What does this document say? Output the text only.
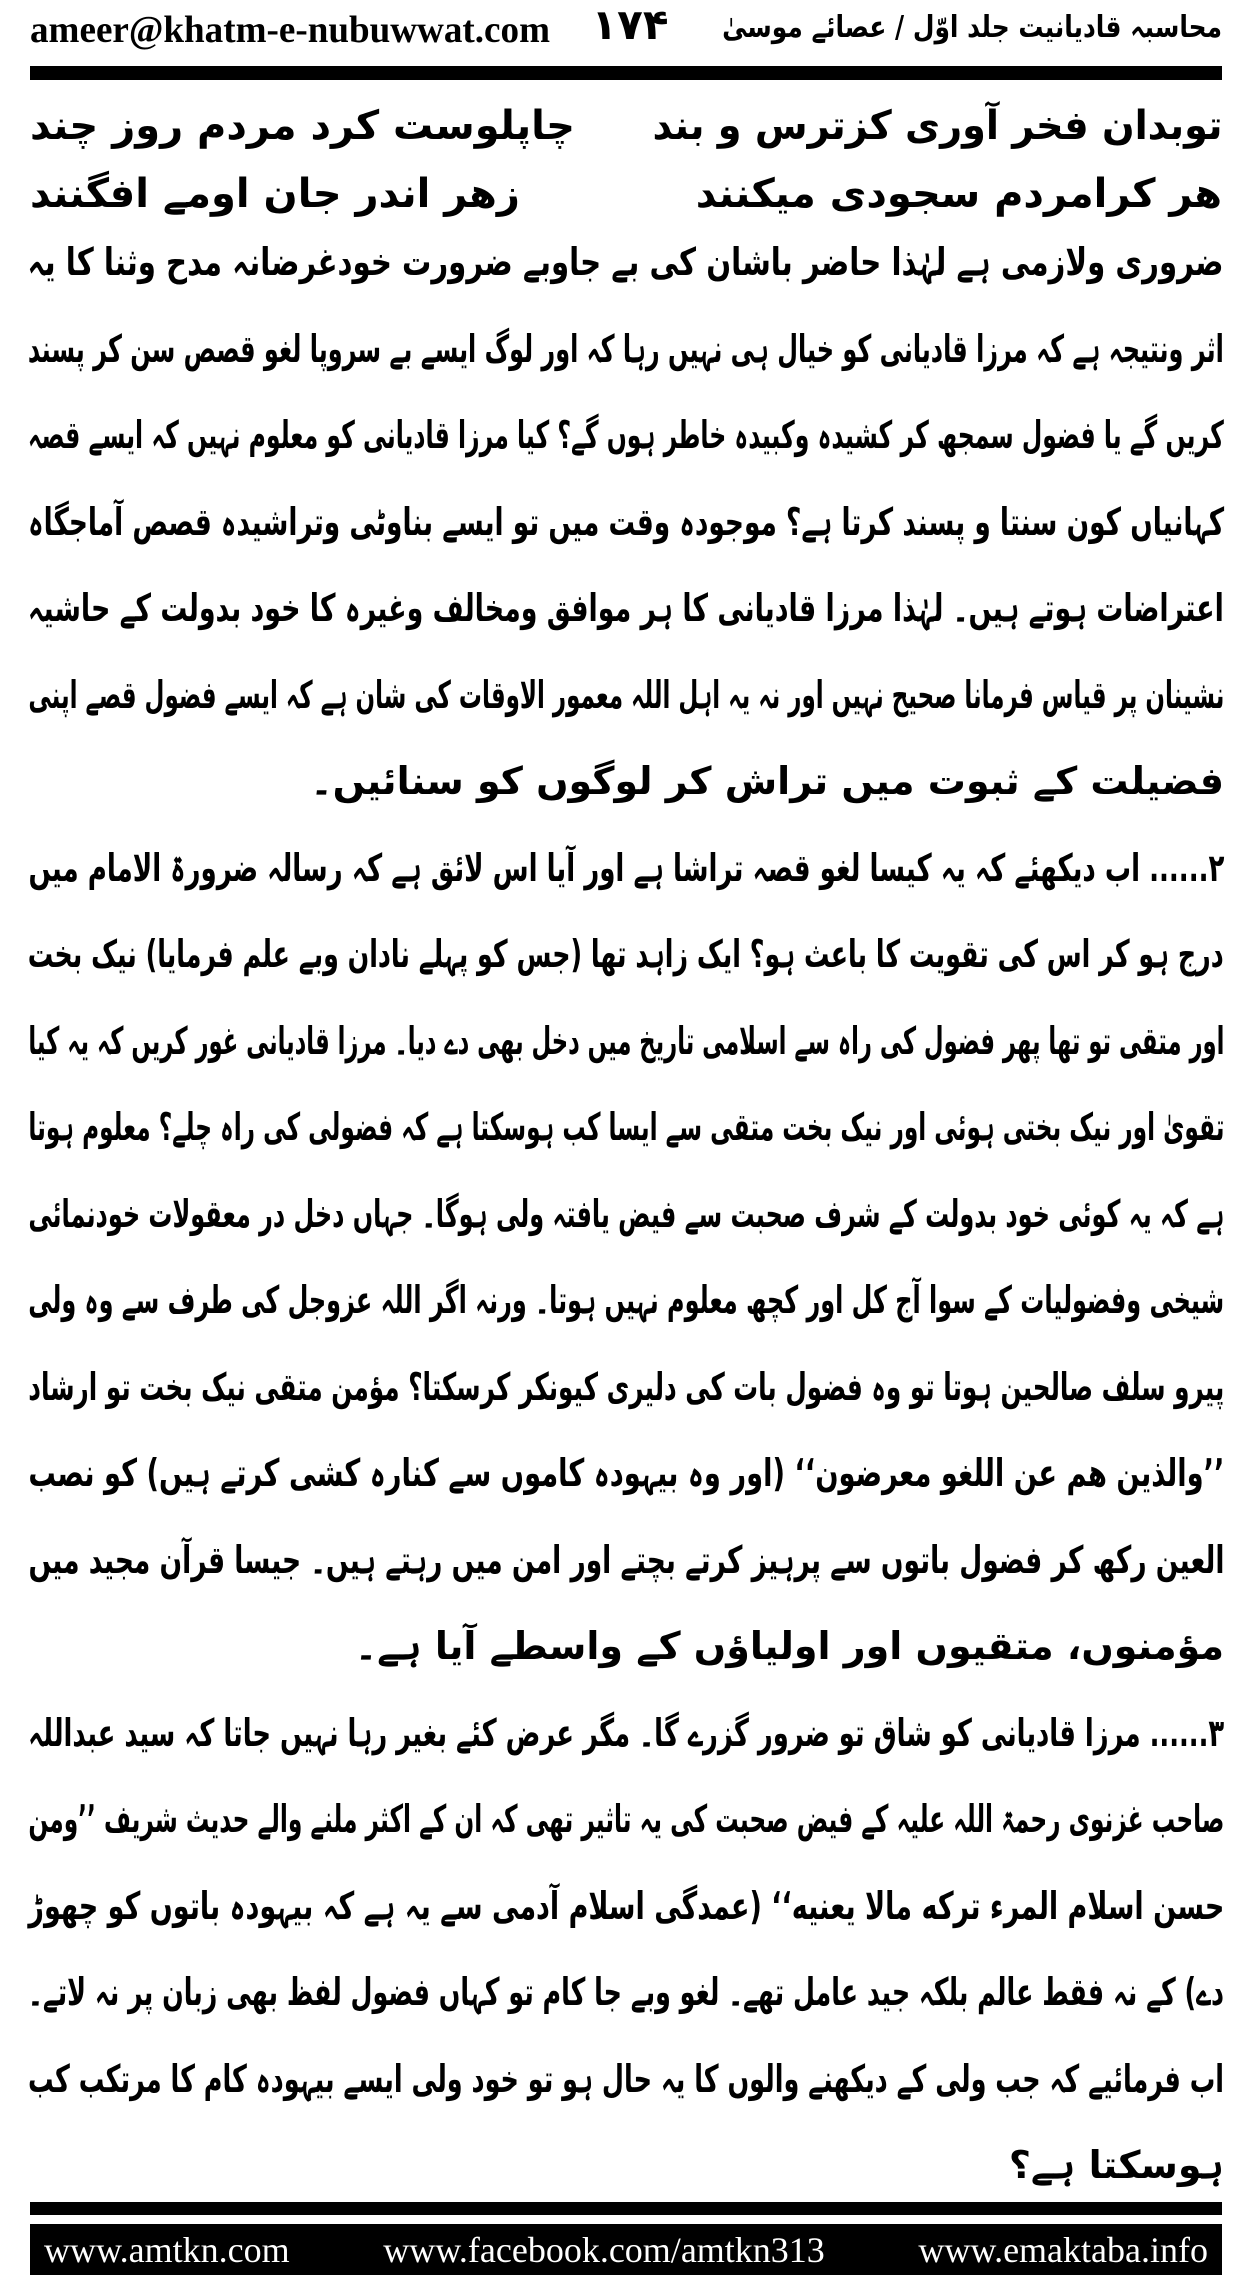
ameer@khatm-e-nubuwwat.com ۱۷۴	محاسبہ قادیانیت جلد اوّل / عصائے موسیٰ
توبدان فخر آوری کزترس و بند
چاپلوست کرد مردم روز چند
هر کرامردم سجودی میکنند
زهر اندر جان اومے افگنند
ضروری ولازمی ہے لہٰذا حاضر باشان کی بے جاوبے ضرورت خودغرضانہ مدح وثنا کا یہ
اثر ونتیجہ ہے کہ مرزا قادیانی کو خیال ہی نہیں رہا کہ اور لوگ ایسے بے سروپا لغو قصص سن کر پسند
کریں گے یا فضول سمجھ کر کشیدہ وکبیدہ خاطر ہوں گے؟ کیا مرزا قادیانی کو معلوم نہیں کہ ایسے قصہ
کہانیاں کون سنتا و پسند کرتا ہے؟ موجودہ وقت میں تو ایسے بناوٹی وتراشیدہ قصص آماجگاہ
اعتراضات ہوتے ہیں۔ لہٰذا مرزا قادیانی کا ہر موافق ومخالف وغیرہ کا خود بدولت کے حاشیہ
نشینان پر قیاس فرمانا صحیح نہیں اور نہ یہ اہل اللہ معمور الاوقات کی شان ہے کہ ایسے فضول قصے اپنی
فضیلت کے ثبوت میں تراش کر لوگوں کو سنائیں۔
۲...... اب دیکھئے کہ یہ کیسا لغو قصہ تراشا ہے اور آیا اس لائق ہے کہ رسالہ ضرورۃ الامام میں
درج ہو کر اس کی تقویت کا باعث ہو؟ ایک زاہد تھا (جس کو پہلے نادان وبے علم فرمایا) نیک بخت
اور متقی تو تھا پھر فضول کی راہ سے اسلامی تاریخ میں دخل بھی دے دیا۔ مرزا قادیانی غور کریں کہ یہ کیا
تقویٰ اور نیک بختی ہوئی اور نیک بخت متقی سے ایسا کب ہوسکتا ہے کہ فضولی کی راہ چلے؟ معلوم ہوتا
ہے کہ یہ کوئی خود بدولت کے شرف صحبت سے فیض یافتہ ولی ہوگا۔ جہاں دخل در معقولات خودنمائی
شیخی وفضولیات کے سوا آج کل اور کچھ معلوم نہیں ہوتا۔ ورنہ اگر اللہ عزوجل کی طرف سے وہ ولی
پیرو سلف صالحین ہوتا تو وہ فضول بات کی دلیری کیونکر کرسکتا؟ مؤمن متقی نیک بخت تو ارشاد
’’والذین هم عن اللغو معرضون‘‘ (اور وہ بیہودہ کاموں سے کنارہ کشی کرتے ہیں) کو نصب
العین رکھ کر فضول باتوں سے پرہیز کرتے بچتے اور امن میں رہتے ہیں۔ جیسا قرآن مجید میں
مؤمنوں، متقیوں اور اولیاؤں کے واسطے آیا ہے۔
۳...... مرزا قادیانی کو شاق تو ضرور گزرے گا۔ مگر عرض کئے بغیر رہا نہیں جاتا کہ سید عبداللہ
صاحب غزنوی رحمۃ اللہ علیہ کے فیض صحبت کی یہ تاثیر تھی کہ ان کے اکثر ملنے والے حدیث شریف ’’ومن
حسن اسلام المرء ترکه مالا یعنیه‘‘ (عمدگی اسلام آدمی سے یہ ہے کہ بیہودہ باتوں کو چھوڑ
دے) کے نہ فقط عالم بلکہ جید عامل تھے۔ لغو وبے جا کام تو کہاں فضول لفظ بھی زبان پر نہ لاتے۔
اب فرمائیے کہ جب ولی کے دیکھنے والوں کا یہ حال ہو تو خود ولی ایسے بیہودہ کام کا مرتکب کب
ہوسکتا ہے؟
www.amtkn.com	www.facebook.com/amtkn313	www.emaktaba.info
